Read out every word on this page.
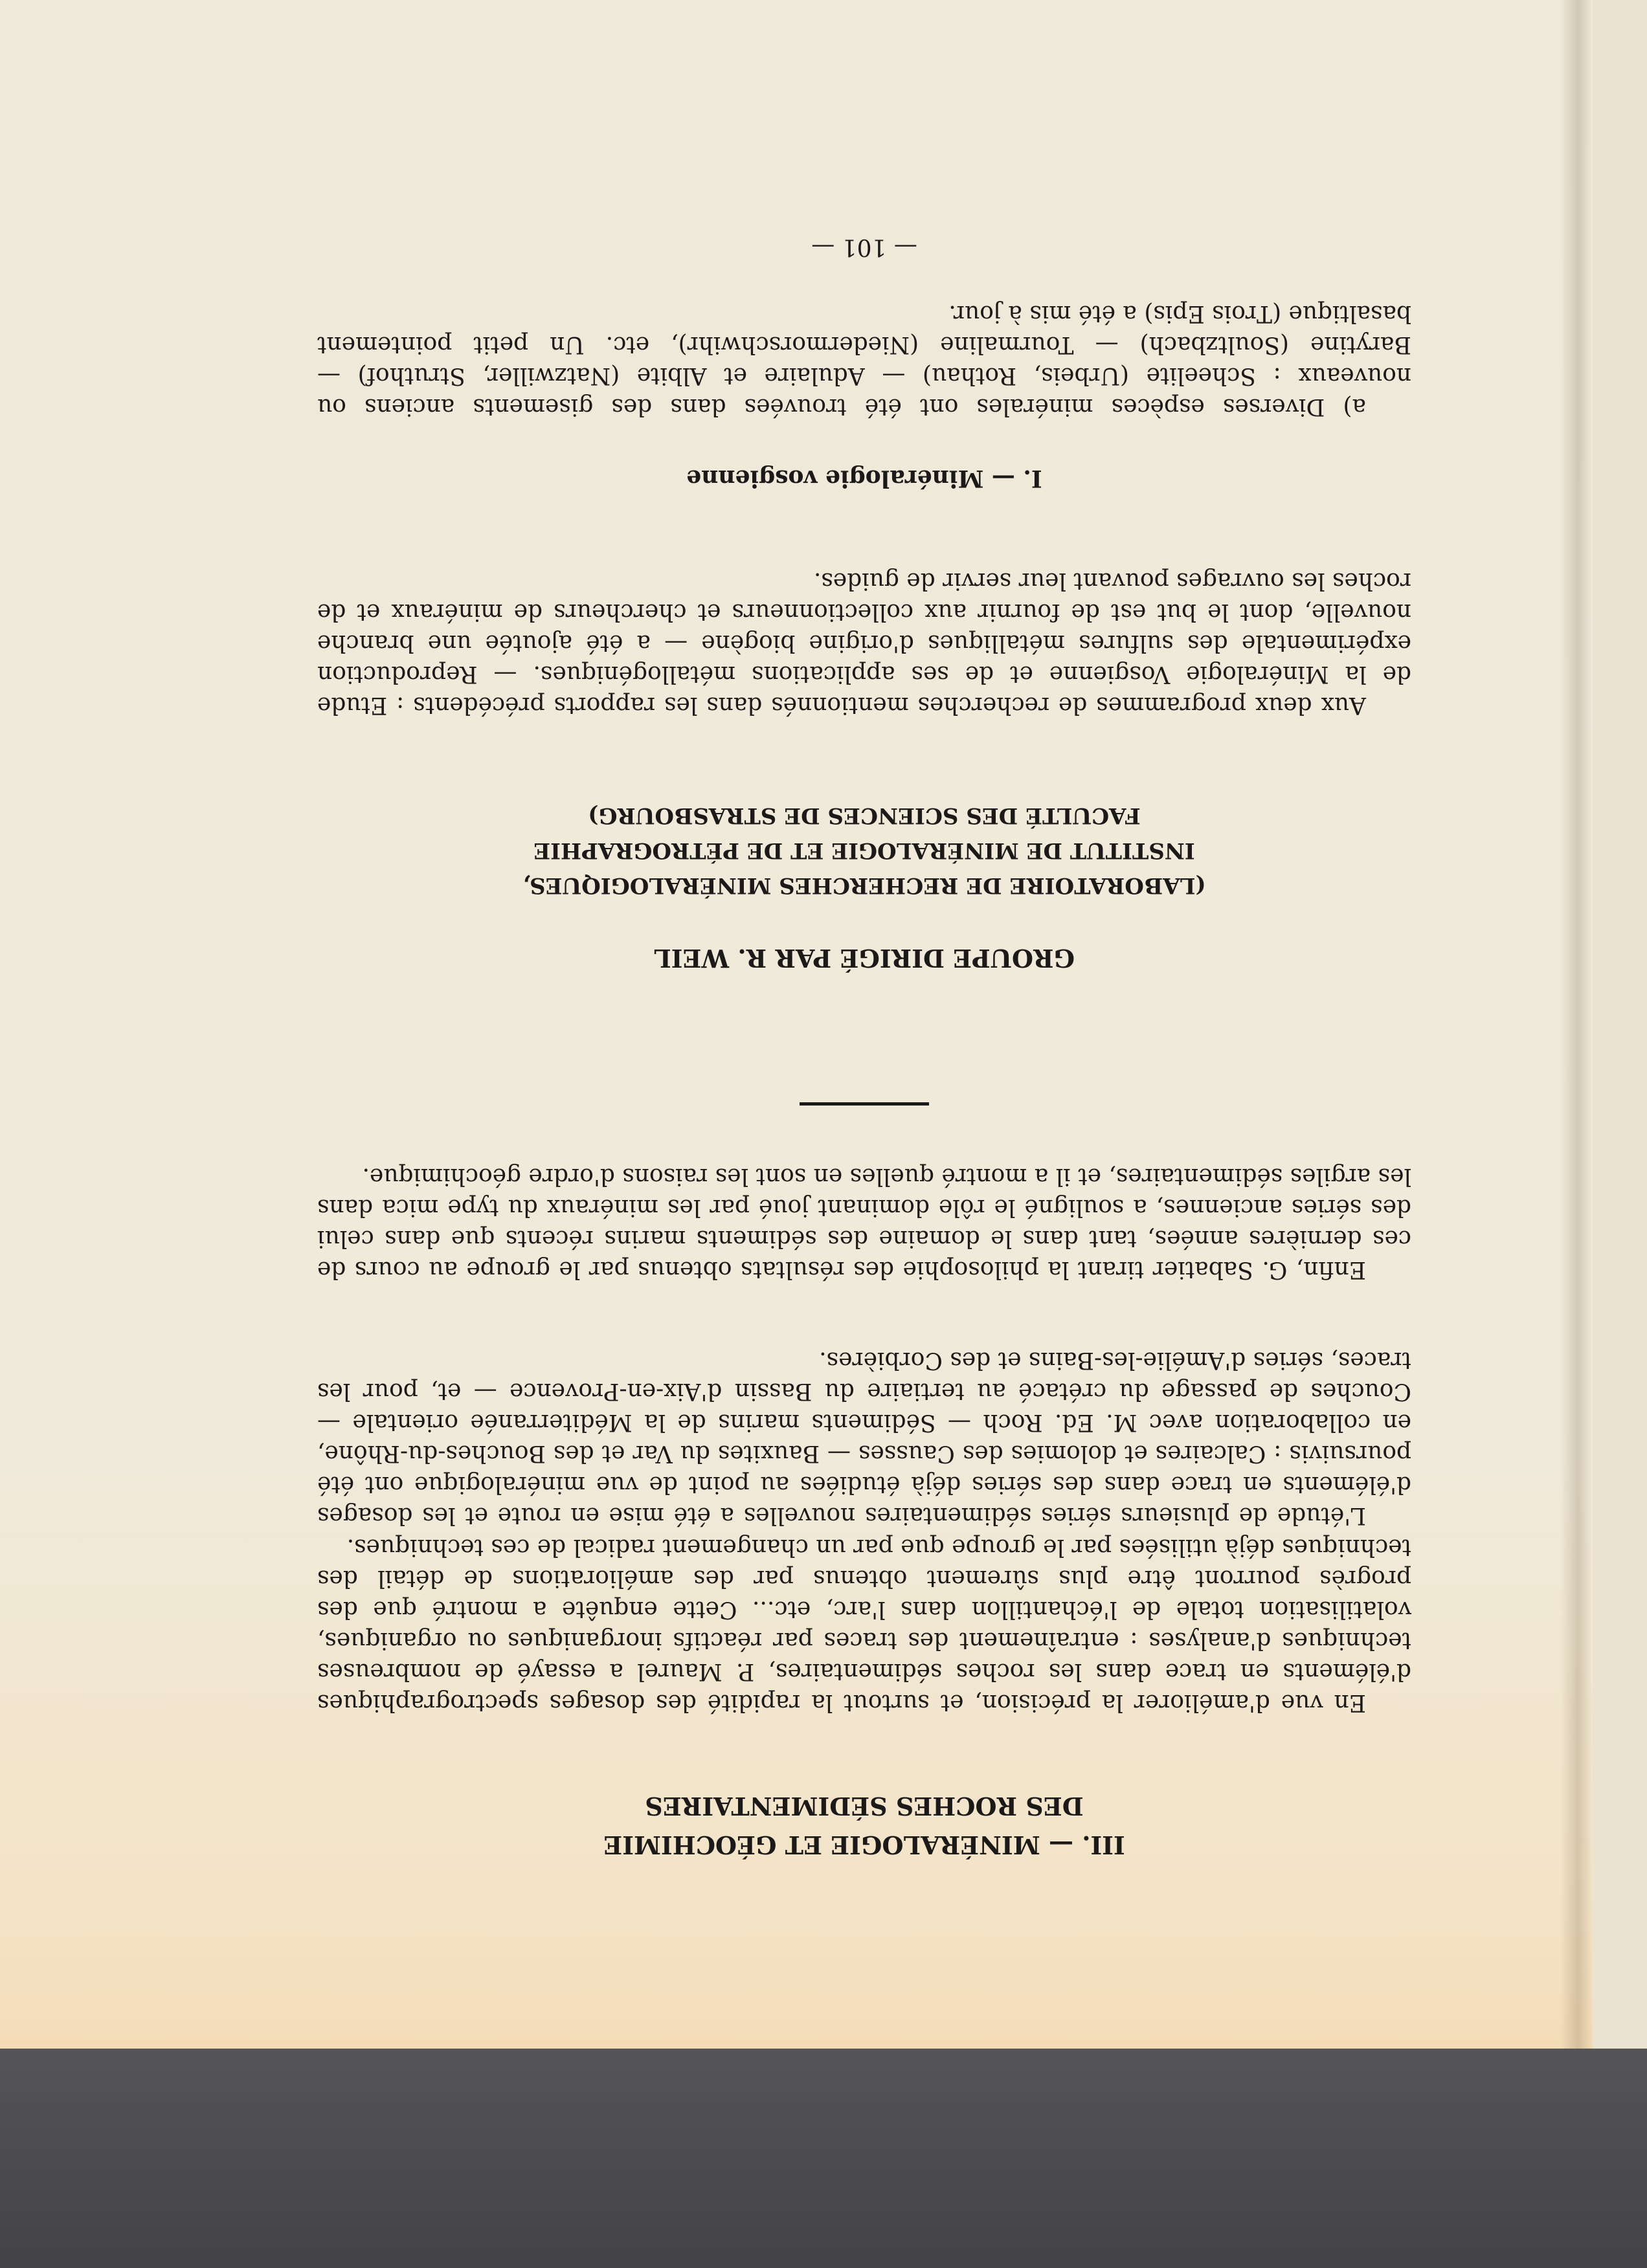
III. — MINÉRALOGIE ET GÉOCHIMIE

DES ROCHES SÉDIMENTAIRES

En vue d'améliorer la précision, et surtout la rapidité des dosages spectrographiques d'éléments en trace dans les roches sédimentaires, P. Maurel a essayé de nombreuses techniques d'analyses : entraînement des traces par réactifs inorganiques ou organiques, volatilisation totale de l'échantillon dans l'arc, etc... Cette enquête a montré que des progrès pourront être plus sûrement obtenus par des améliorations de détail des techniques déjà utilisées par le groupe que par un changement radical de ces techniques.

L'étude de plusieurs séries sédimentaires nouvelles a été mise en route et les dosages d'éléments en trace dans des séries déjà étudiées au point de vue minéralogique ont été poursuivis : Calcaires et dolomies des Causses — Bauxites du Var et des Bouches-du-Rhône, en collaboration avec M. Ed. Roch — Sédiments marins de la Méditerranée orientale — Couches de passage du crétacé au tertiaire du Bassin d'Aix-en-Provence — et, pour les traces, séries d'Amélie-les-Bains et des Corbières.

Enfin, G. Sabatier tirant la philosophie des résultats obtenus par le groupe au cours de ces dernières années, tant dans le domaine des sédiments marins récents que dans celui des séries anciennes, a souligné le rôle dominant joué par les minéraux du type mica dans les argiles sédimentaires, et il a montré quelles en sont les raisons d'ordre géochimique.

GROUPE DIRIGÉ PAR R. WEIL

(LABORATOIRE DE RECHERCHES MINÉRALOGIQUES,

INSTITUT DE MINÉRALOGIE ET DE PÉTROGRAPHIE

FACULTÉ DES SCIENCES DE STRASBOURG)

Aux deux programmes de recherches mentionnés dans les rapports précédents : Etude de la Minéralogie Vosgienne et de ses applications métallogéniques. — Reproduction expérimentale des sulfures métalliques d'origine biogène — a été ajoutée une branche nouvelle, dont le but est de fournir aux collectionneurs et chercheurs de minéraux et de roches les ouvrages pouvant leur servir de guides.

I. — Minéralogie vosgienne

a) Diverses espèces minérales ont été trouvées dans des gisements anciens ou nouveaux : Scheelite (Urbeis, Rothau) — Adulaire et Albite (Natzwiller, Struthof) — Barytine (Soultzbach) — Tourmaline (Niedermorschwihr), etc. Un petit pointement basaltique (Trois Epis) a été mis à jour.

— 101 —
